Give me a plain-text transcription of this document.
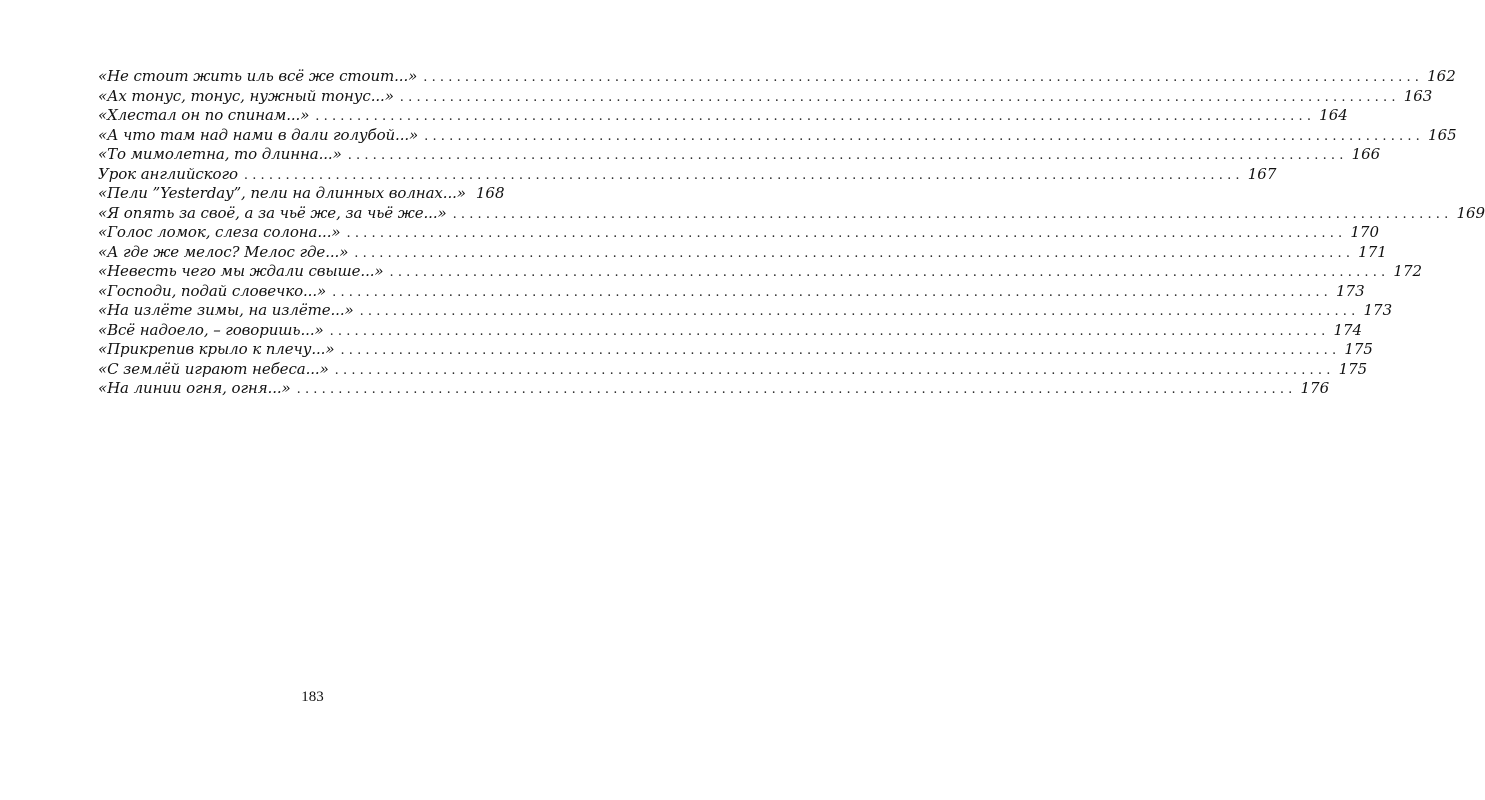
«Не стоит жить иль всё же стоит...» ........................................................................................................................ 162
«Ах тонус, тонус, нужный тонус...» ........................................................................................................................ 163
«Хлестал он по спинам...» ........................................................................................................................ 164
«А что там над нами в дали голубой...» ........................................................................................................................ 165
«То мимолетна, то длинна...» ........................................................................................................................ 166
Урок английского ........................................................................................................................ 167
«Пели ”Yesterday”, пели на длинных волнах...» 168
«Я опять за своё, а за чьё же, за чьё же...» ........................................................................................................................ 169
«Голос ломок, слеза солона...» ........................................................................................................................ 170
«А где же мелос? Мелос где...» ........................................................................................................................ 171
«Невесть чего мы ждали свыше...» ........................................................................................................................ 172
«Господи, подай словечко...» ........................................................................................................................ 173
«На излёте зимы, на излёте...» ........................................................................................................................ 173
«Всё надоело, – говоришь...» ........................................................................................................................ 174
«Прикрепив крыло к плечу...» ........................................................................................................................ 175
«С землёй играют небеса...» ........................................................................................................................ 175
«На линии огня, огня...» ........................................................................................................................ 176
183
